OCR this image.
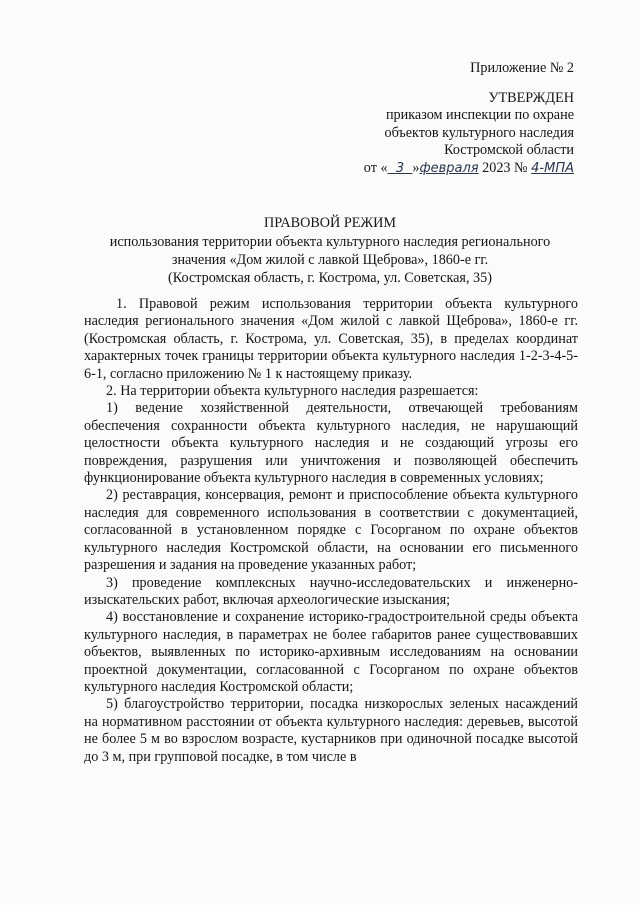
Приложение № 2
УТВЕРЖДЕН
приказом инспекции по охране
объектов культурного наследия
Костромской области
от « 3 »февраля 2023 № 4-МПА
ПРАВОВОЙ РЕЖИМ
использования территории объекта культурного наследия регионального
значения «Дом жилой с лавкой Щеброва», 1860-е гг.
(Костромская область, г. Кострома, ул. Советская, 35)

1. Правовой режим использования территории объекта культурного наследия регионального значения «Дом жилой с лавкой Щеброва», 1860-е гг. (Костромская область, г. Кострома, ул. Советская, 35), в пределах координат характерных точек границы территории объекта культурного наследия 1-2-3-4-5-6-1, согласно приложению № 1 к настоящему приказу.

2. На территории объекта культурного наследия разрешается:

1) ведение хозяйственной деятельности, отвечающей требованиям обеспечения сохранности объекта культурного наследия, не нарушающий целостности объекта культурного наследия и не создающий угрозы его повреждения, разрушения или уничтожения и позволяющей обеспечить функционирование объекта культурного наследия в современных условиях;

2) реставрация, консервация, ремонт и приспособление объекта культурного наследия для современного использования в соответствии с документацией, согласованной в установленном порядке с Госорганом по охране объектов культурного наследия Костромской области, на основании его письменного разрешения и задания на проведение указанных работ;

3) проведение комплексных научно-исследовательских и инженерно-изыскательских работ, включая археологические изыскания;

4) восстановление и сохранение историко-градостроительной среды объекта культурного наследия, в параметрах не более габаритов ранее существовавших объектов, выявленных по историко-архивным исследованиям на основании проектной документации, согласованной с Госорганом по охране объектов культурного наследия Костромской области;

5) благоустройство территории, посадка низкорослых зеленых насаждений на нормативном расстоянии от объекта культурного наследия: деревьев, высотой не более 5 м во взрослом возрасте, кустарников при одиночной посадке высотой до 3 м, при групповой посадке, в том числе в
